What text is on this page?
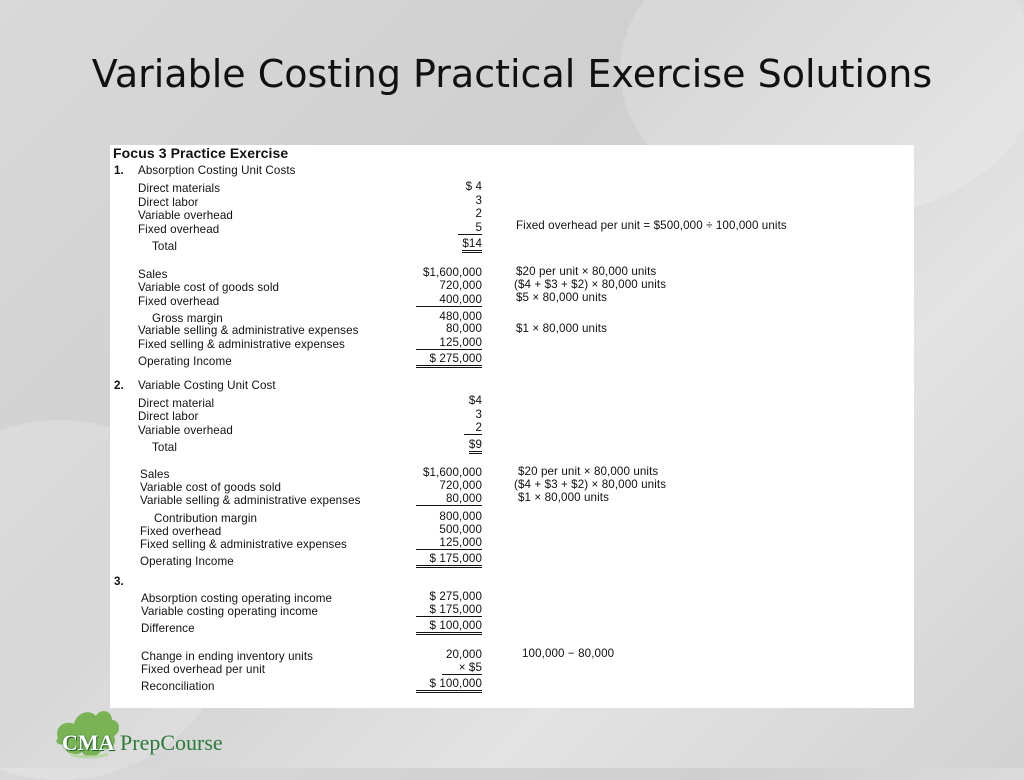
Variable Costing Practical Exercise Solutions
Focus 3 Practice Exercise
1. Absorption Costing Unit Costs
Direct materials	$ 4
Direct labor	3
Variable overhead	2
Fixed overhead	5	Fixed overhead per unit = $500,000 ÷ 100,000 units
Total	$14
Sales	$1,600,000	$20 per unit × 80,000 units
Variable cost of goods sold	720,000	($4 + $3 + $2) × 80,000 units
Fixed overhead	400,000	$5 × 80,000 units
Gross margin	480,000
Variable selling & administrative expenses	80,000	$1 × 80,000 units
Fixed selling & administrative expenses	125,000
Operating Income	$ 275,000
2. Variable Costing Unit Cost
Direct material	$4
Direct labor	3
Variable overhead	2
Total	$9
Sales	$1,600,000	$20 per unit × 80,000 units
Variable cost of goods sold	720,000	($4 + $3 + $2) × 80,000 units
Variable selling & administrative expenses	80,000	$1 × 80,000 units
Contribution margin	800,000
Fixed overhead	500,000
Fixed selling & administrative expenses	125,000
Operating Income	$ 175,000
3.
Absorption costing operating income	$ 275,000
Variable costing operating income	$ 175,000
Difference	$ 100,000
Change in ending inventory units	20,000	100,000 − 80,000
Fixed overhead per unit	× $5
Reconciliation	$ 100,000
CMA PrepCourse
